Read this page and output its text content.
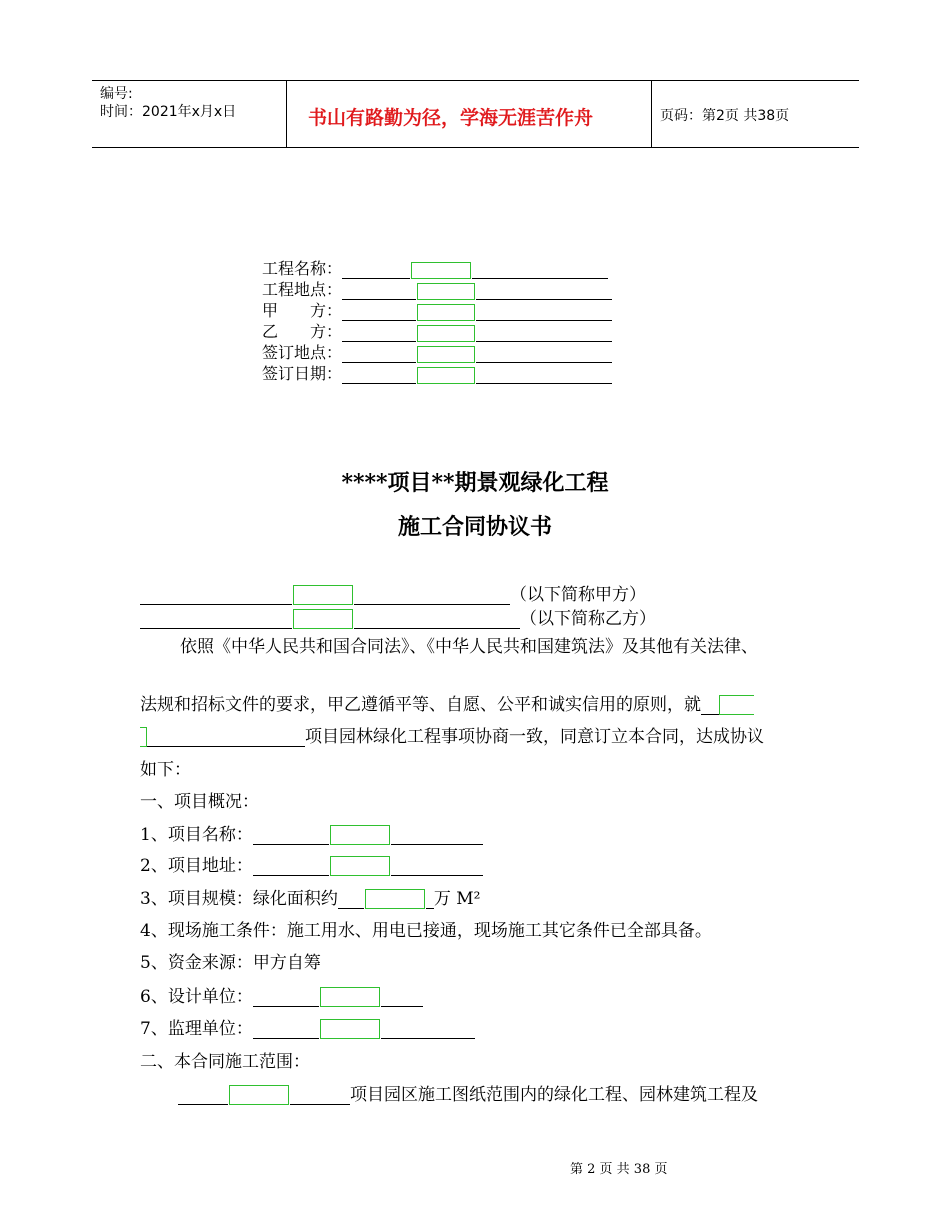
编号:
时间：2021年x月x日	书山有路勤为径，学海无涯苦作舟	页码：第2页 共38页
工程名称：
工程地点：
甲　　方：
乙　　方：
签订地点：
签订日期：
****项目**期景观绿化工程
施工合同协议书
（以下简称甲方）
（以下简称乙方）
依照《中华人民共和国合同法》、《中华人民共和国建筑法》及其他有关法律、
法规和招标文件的要求，甲乙遵循平等、自愿、公平和诚实信用的原则，就
项目园林绿化工程事项协商一致，同意订立本合同，达成协议
如下：
一、项目概况：
1、项目名称：
2、项目地址：
3、项目规模：绿化面积约	万 M²
4、现场施工条件：施工用水、用电已接通，现场施工其它条件已全部具备。
5、资金来源：甲方自筹
6、设计单位：
7、监理单位：
二、本合同施工范围：
项目园区施工图纸范围内的绿化工程、园林建筑工程及
第 2 页 共 38 页
